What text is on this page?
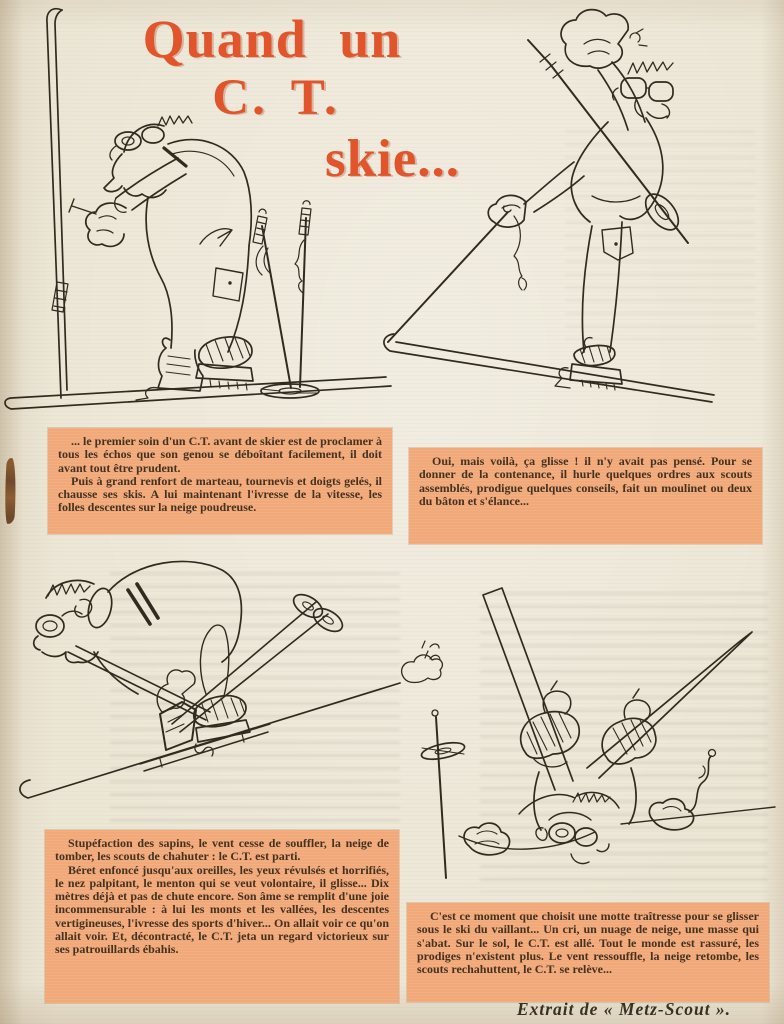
Quand un
C. T.
skie...

... le premier soin d'un C.T. avant de skier est de proclamer à tous les échos que son genou se déboîtant facilement, il doit avant tout être prudent.

Puis à grand renfort de marteau, tournevis et doigts gelés, il chausse ses skis. A lui maintenant l'ivresse de la vitesse, les folles descentes sur la neige poudreuse.

Oui, mais voilà, ça glisse ! il n'y avait pas pensé. Pour se donner de la contenance, il hurle quelques ordres aux scouts assemblés, prodigue quelques conseils, fait un moulinet ou deux du bâton et s'élance...

Stupéfaction des sapins, le vent cesse de souffler, la neige de tomber, les scouts de chahuter : le C.T. est parti.

Béret enfoncé jusqu'aux oreilles, les yeux révulsés et horrifiés, le nez palpitant, le menton qui se veut volontaire, il glisse... Dix mètres déjà et pas de chute encore. Son âme se remplit d'une joie incommensurable : à lui les monts et les vallées, les descentes vertigineuses, l'ivresse des sports d'hiver... On allait voir ce qu'on allait voir. Et, décontracté, le C.T. jeta un regard victorieux sur ses patrouillards ébahis.

C'est ce moment que choisit une motte traîtresse pour se glisser sous le ski du vaillant... Un cri, un nuage de neige, une masse qui s'abat. Sur le sol, le C.T. est allé. Tout le monde est rassuré, les prodiges n'existent plus. Le vent ressouffle, la neige retombe, les scouts rechahuttent, le C.T. se relève...

Extrait de « Metz-Scout ».
